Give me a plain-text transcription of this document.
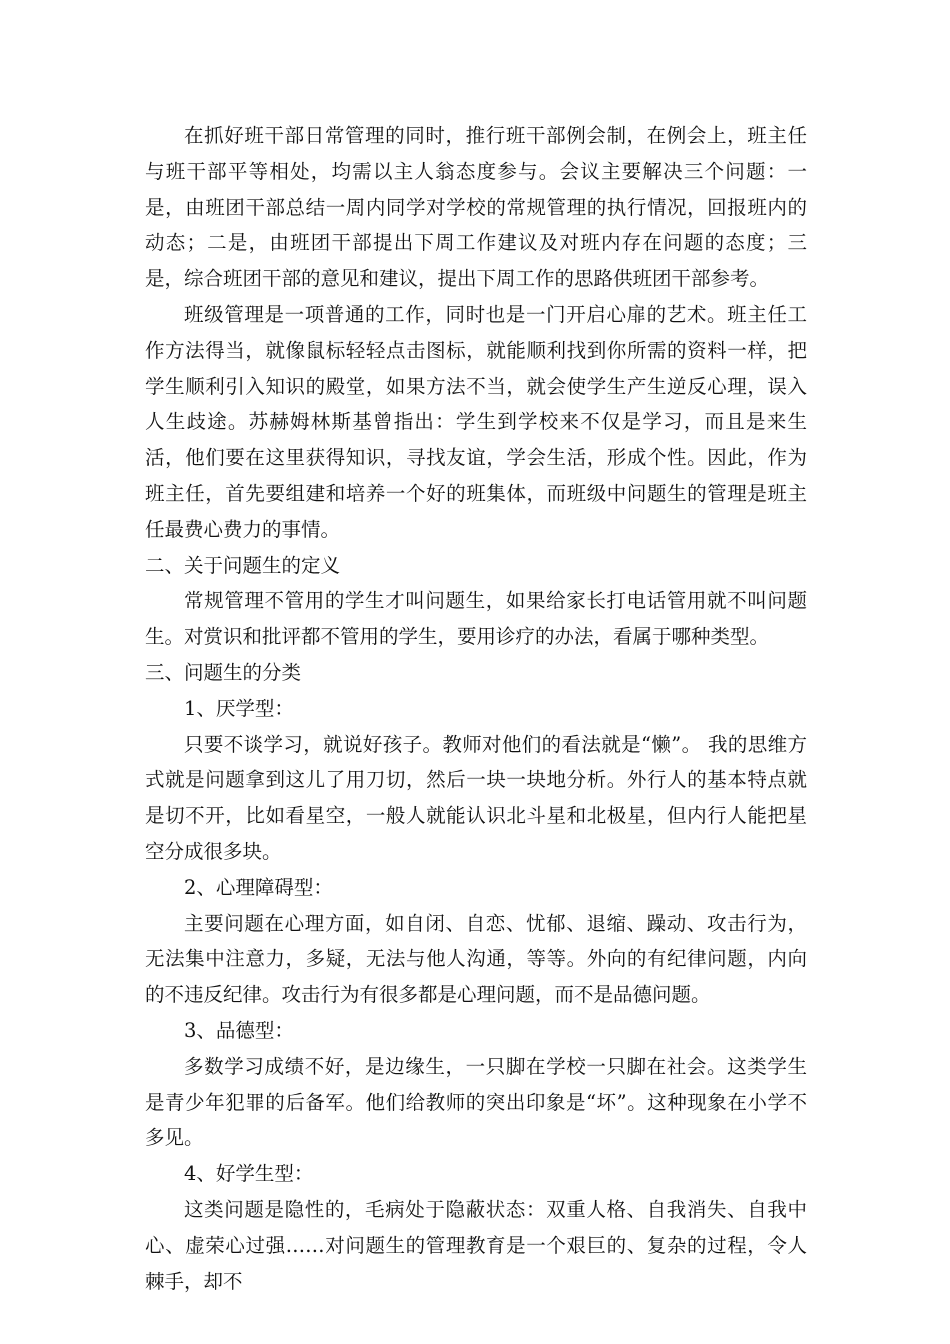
在抓好班干部日常管理的同时，推行班干部例会制，在例会上，班主任与班干部平等相处，均需以主人翁态度参与。会议主要解决三个问题：一是，由班团干部总结一周内同学对学校的常规管理的执行情况，回报班内的动态；二是，由班团干部提出下周工作建议及对班内存在问题的态度；三是，综合班团干部的意见和建议，提出下周工作的思路供班团干部参考。

班级管理是一项普通的工作，同时也是一门开启心扉的艺术。班主任工作方法得当，就像鼠标轻轻点击图标，就能顺利找到你所需的资料一样，把学生顺利引入知识的殿堂，如果方法不当，就会使学生产生逆反心理，误入人生歧途。苏赫姆林斯基曾指出：学生到学校来不仅是学习，而且是来生活，他们要在这里获得知识，寻找友谊，学会生活，形成个性。因此，作为班主任，首先要组建和培养一个好的班集体，而班级中问题生的管理是班主任最费心费力的事情。

二、关于问题生的定义

常规管理不管用的学生才叫问题生，如果给家长打电话管用就不叫问题生。对赏识和批评都不管用的学生，要用诊疗的办法，看属于哪种类型。

三、问题生的分类

1、厌学型：

只要不谈学习，就说好孩子。教师对他们的看法就是“懒”。 我的思维方式就是问题拿到这儿了用刀切，然后一块一块地分析。外行人的基本特点就是切不开，比如看星空，一般人就能认识北斗星和北极星，但内行人能把星空分成很多块。

2、心理障碍型：

主要问题在心理方面，如自闭、自恋、忧郁、退缩、躁动、攻击行为，无法集中注意力，多疑，无法与他人沟通，等等。外向的有纪律问题，内向的不违反纪律。攻击行为有很多都是心理问题，而不是品德问题。

3、品德型：

多数学习成绩不好，是边缘生，一只脚在学校一只脚在社会。这类学生是青少年犯罪的后备军。他们给教师的突出印象是“坏”。这种现象在小学不多见。

4、好学生型：

这类问题是隐性的，毛病处于隐蔽状态：双重人格、自我消失、自我中心、虚荣心过强……对问题生的管理教育是一个艰巨的、复杂的过程，令人棘手，却不
